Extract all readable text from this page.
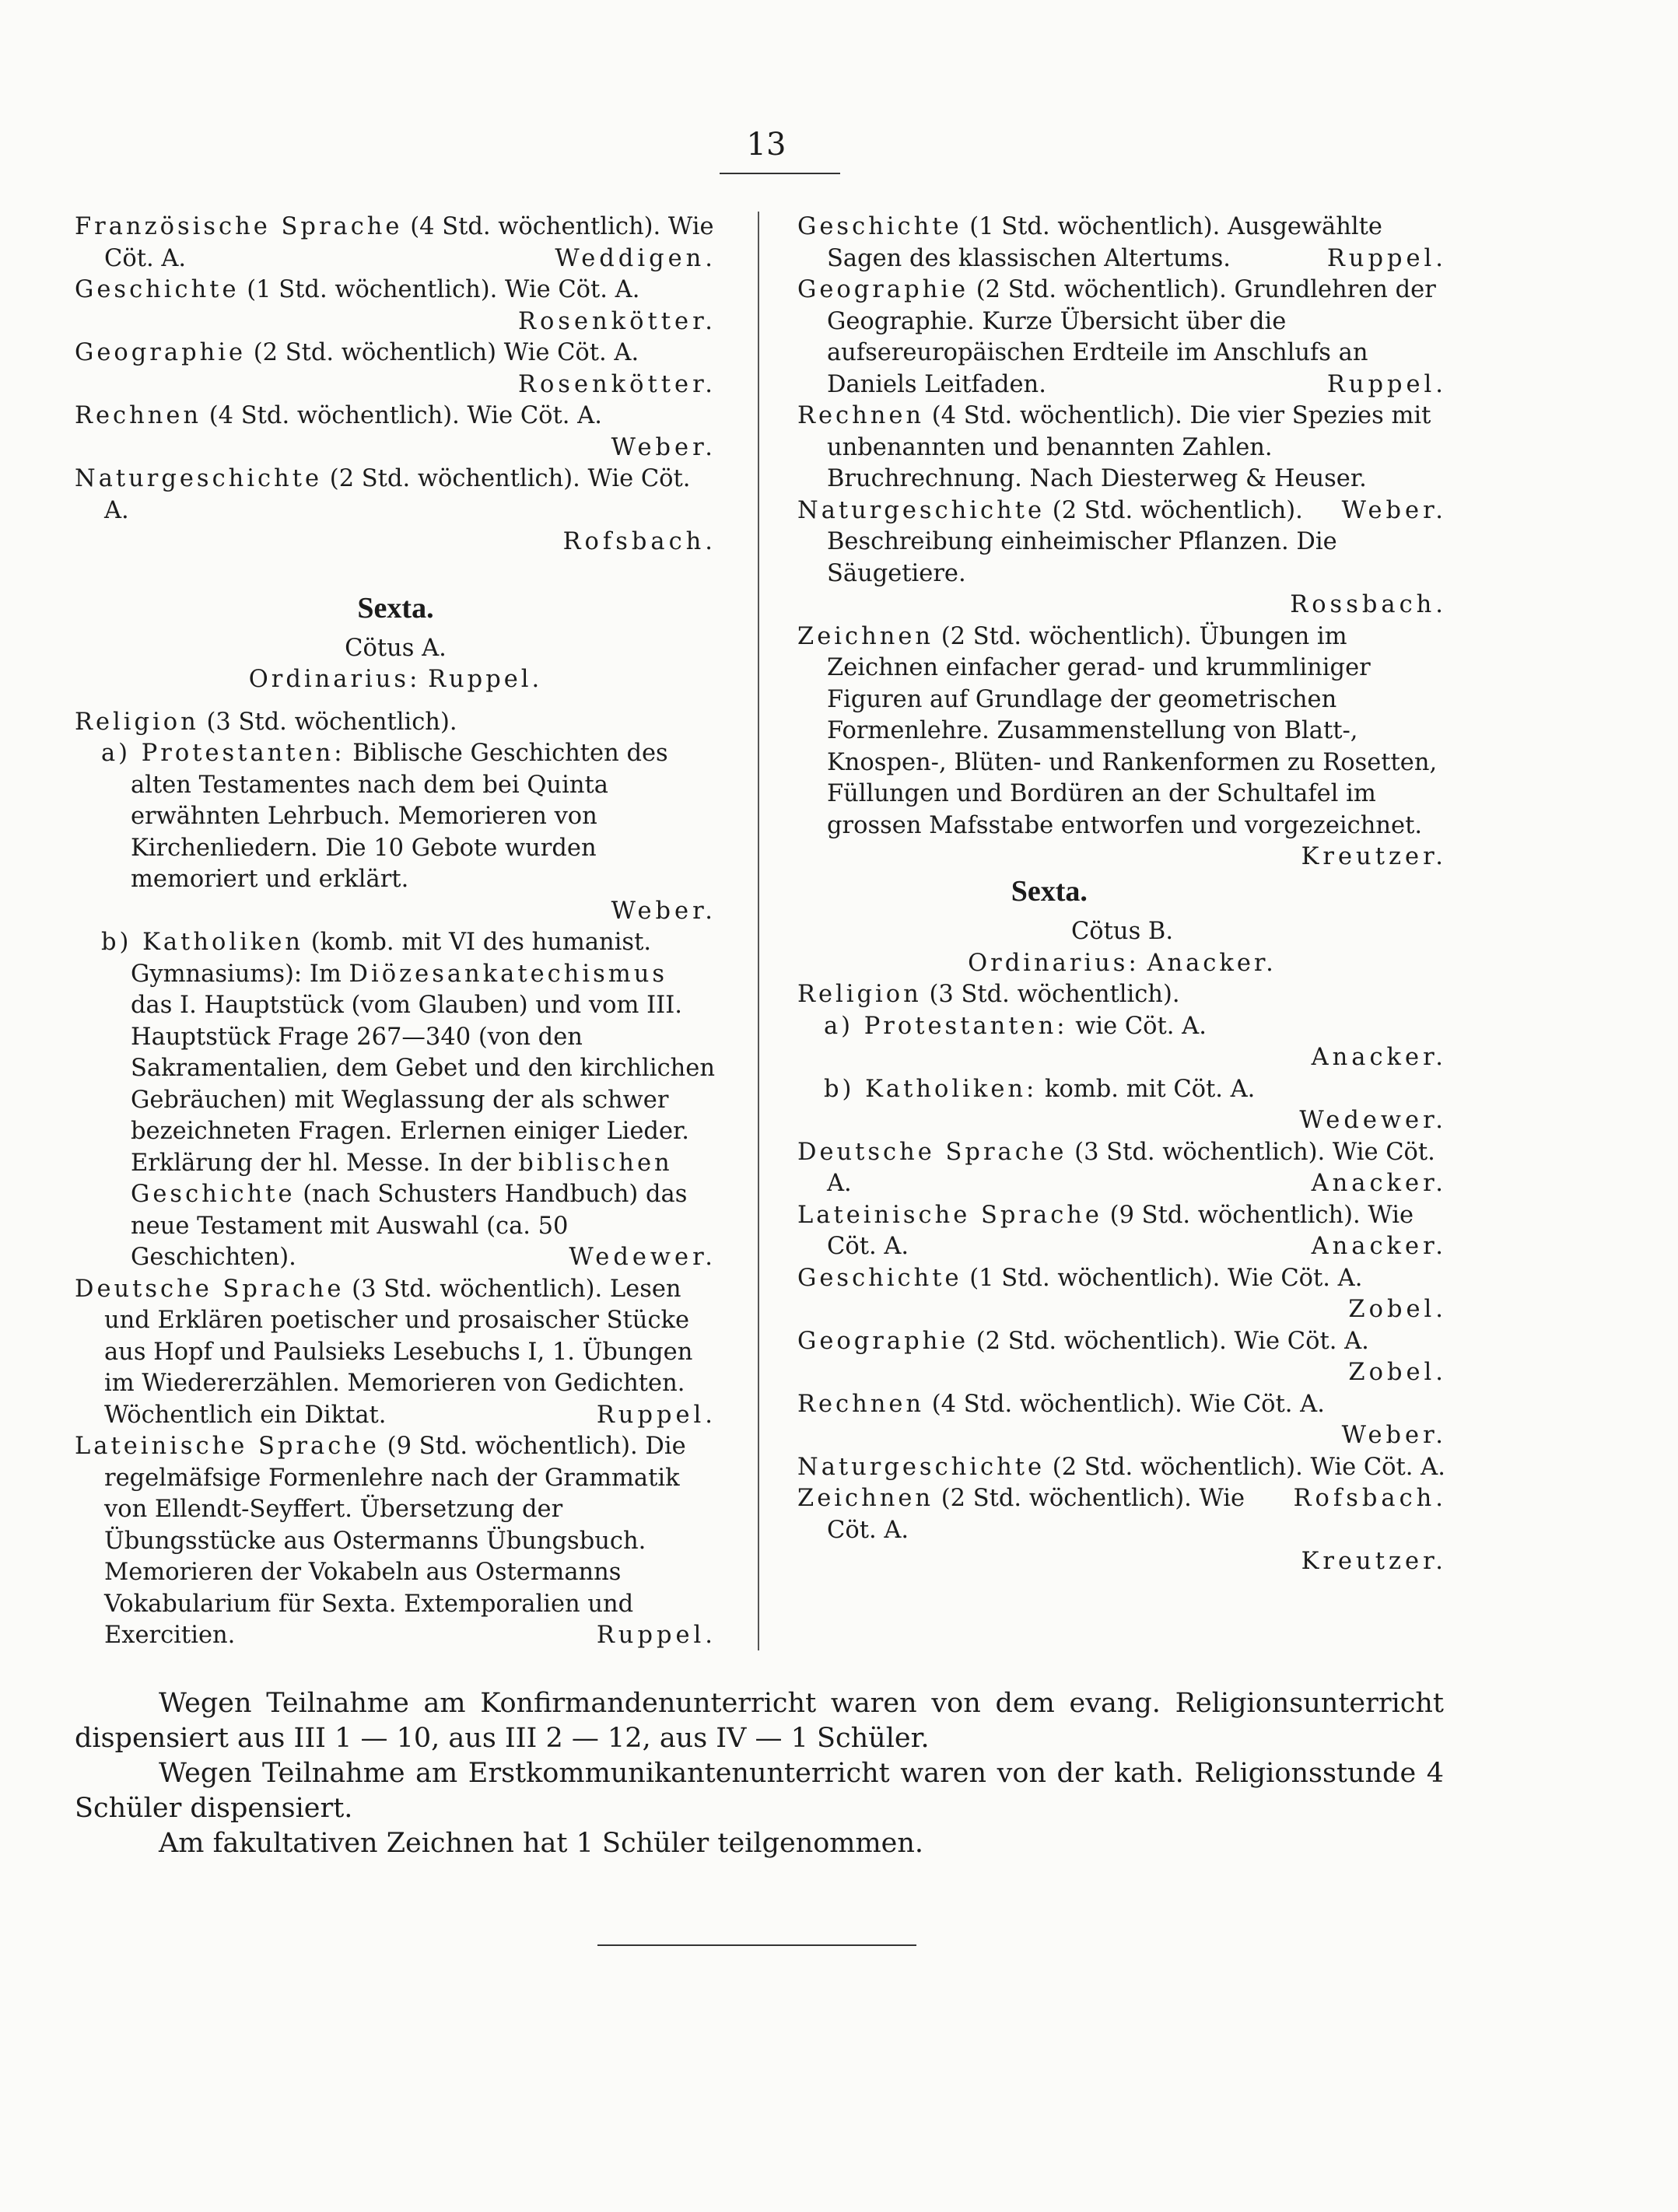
13

Französische Sprache (4 Std. wöchentlich). Wie Cöt. A.	Weddigen.

Geschichte (1 Std. wöchentlich). Wie Cöt. A.
Rosenkötter.

Geographie (2 Std. wöchentlich) Wie Cöt. A.
Rosenkötter.

Rechnen (4 Std. wöchentlich). Wie Cöt. A.
Weber.

Naturgeschichte (2 Std. wöchentlich). Wie Cöt. A.
Rofsbach.

Sexta.

Cötus A.

Ordinarius: Ruppel.

Religion (3 Std. wöchentlich).

a) Protestanten: Biblische Geschichten des alten Testamentes nach dem bei Quinta erwähnten Lehrbuch. Memorieren von Kirchenliedern. Die 10 Gebote wurden memoriert und erklärt.
Weber.

b) Katholiken (komb. mit VI des humanist. Gymnasiums): Im Diözesankatechismus das I. Hauptstück (vom Glauben) und vom III. Hauptstück Frage 267—340 (von den Sakramentalien, dem Gebet und den kirchlichen Gebräuchen) mit Weglassung der als schwer bezeichneten Fragen. Erlernen einiger Lieder. Erklärung der hl. Messe. In der biblischen Geschichte (nach Schusters Handbuch) das neue Testament mit Auswahl (ca. 50 Geschichten).	Wedewer.

Deutsche Sprache (3 Std. wöchentlich). Lesen und Erklären poetischer und prosaischer Stücke aus Hopf und Paulsieks Lesebuchs I, 1. Übungen im Wiedererzählen. Memorieren von Gedichten. Wöchentlich ein Diktat.	Ruppel.

Lateinische Sprache (9 Std. wöchentlich). Die regelmäfsige Formenlehre nach der Grammatik von Ellendt-Seyffert. Übersetzung der Übungsstücke aus Ostermanns Übungsbuch. Memorieren der Vokabeln aus Ostermanns Vokabularium für Sexta. Extemporalien und Exercitien.	Ruppel.

Geschichte (1 Std. wöchentlich). Ausgewählte Sagen des klassischen Altertums.	Ruppel.

Geographie (2 Std. wöchentlich). Grundlehren der Geographie. Kurze Übersicht über die aufsereuropäischen Erdteile im Anschlufs an Daniels Leitfaden.	Ruppel.

Rechnen (4 Std. wöchentlich). Die vier Spezies mit unbenannten und benannten Zahlen. Bruchrechnung. Nach Diesterweg & Heuser.
Weber.

Naturgeschichte (2 Std. wöchentlich). Beschreibung einheimischer Pflanzen. Die Säugetiere.
Rossbach.

Zeichnen (2 Std. wöchentlich). Übungen im Zeichnen einfacher gerad- und krummliniger Figuren auf Grundlage der geometrischen Formenlehre. Zusammenstellung von Blatt-, Knospen-, Blüten- und Rankenformen zu Rosetten, Füllungen und Bordüren an der Schultafel im grossen Mafsstabe entworfen und vorgezeichnet.
Kreutzer.

Sexta.

Cötus B.

Ordinarius: Anacker.

Religion (3 Std. wöchentlich).

a) Protestanten: wie Cöt. A.
Anacker.

b) Katholiken: komb. mit Cöt. A.
Wedewer.

Deutsche Sprache (3 Std. wöchentlich). Wie Cöt. A.	Anacker.

Lateinische Sprache (9 Std. wöchentlich). Wie Cöt. A.	Anacker.

Geschichte (1 Std. wöchentlich). Wie Cöt. A.
Zobel.

Geographie (2 Std. wöchentlich). Wie Cöt. A.
Zobel.

Rechnen (4 Std. wöchentlich). Wie Cöt. A.
Weber.

Naturgeschichte (2 Std. wöchentlich). Wie Cöt. A.
Rofsbach.

Zeichnen (2 Std. wöchentlich). Wie Cöt. A.
Kreutzer.

Wegen Teilnahme am Konfirmandenunterricht waren von dem evang. Religionsunterricht dispensiert aus III 1 — 10, aus III 2 — 12, aus IV — 1 Schüler.

Wegen Teilnahme am Erstkommunikantenunterricht waren von der kath. Religionsstunde 4 Schüler dispensiert.

Am fakultativen Zeichnen hat 1 Schüler teilgenommen.
